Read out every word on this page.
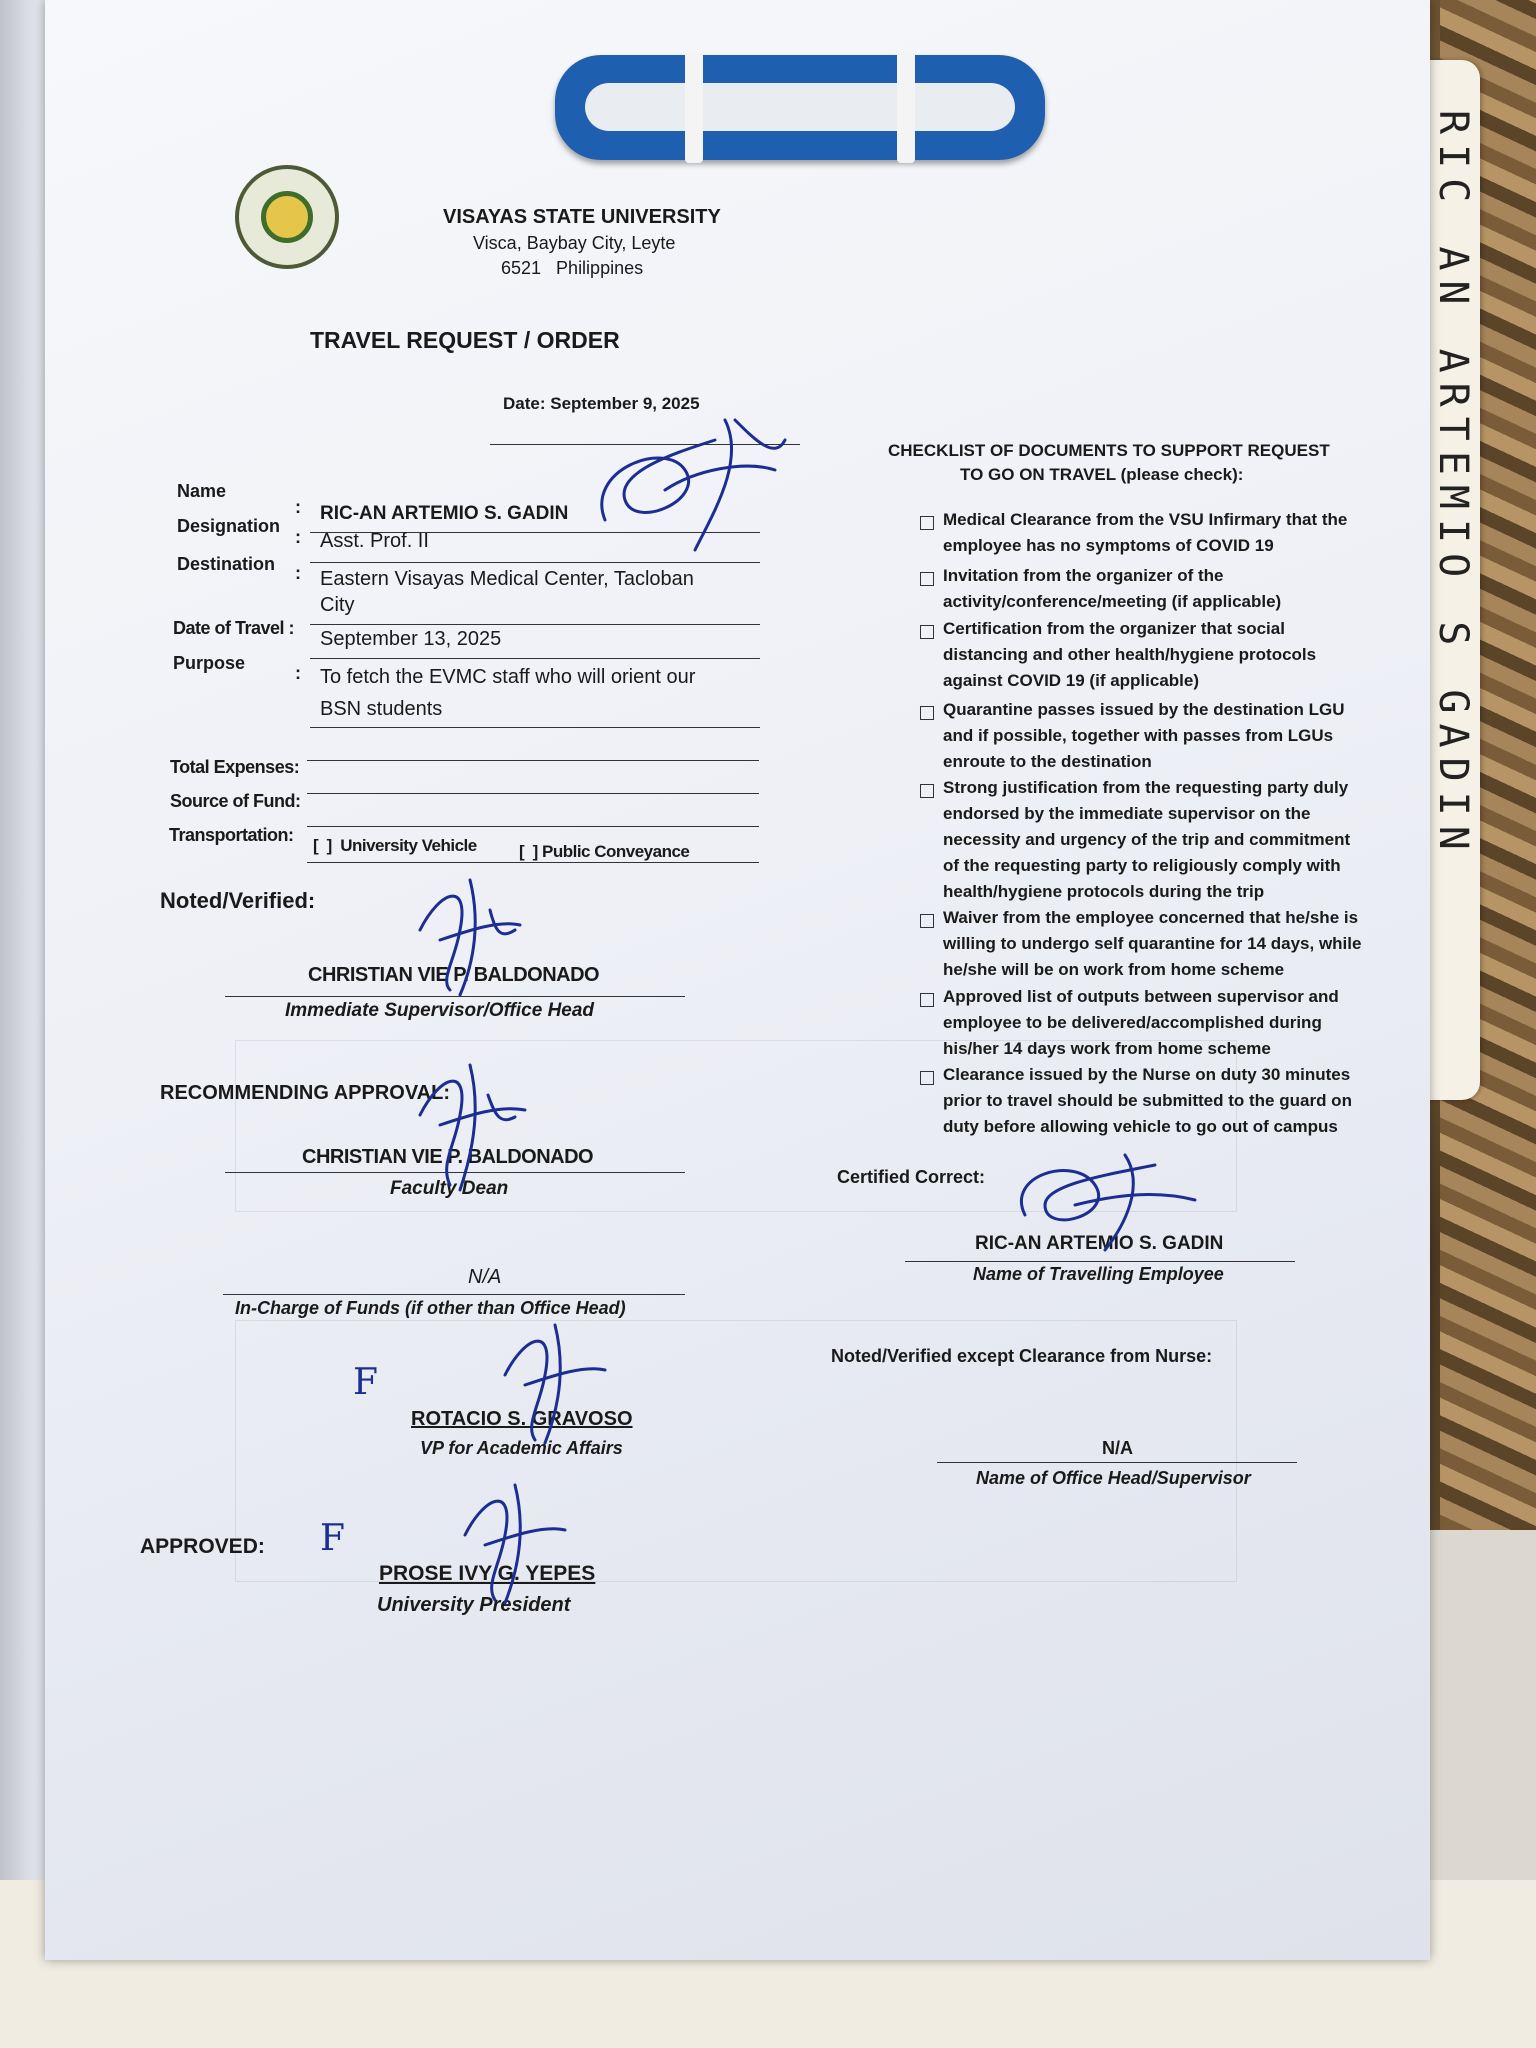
RIC AN ARTEMIO S GADIN
VISAYAS STATE UNIVERSITY
Visca, Baybay City, Leyte
6521   Philippines
TRAVEL REQUEST / ORDER
Date: September 9, 2025
Name
: RIC-AN ARTEMIO S. GADIN
Designation
: Asst. Prof. II
Destination : Eastern Visayas Medical Center, Tacloban
City
Date of Travel : September 13, 2025
Purpose	: To fetch the EVMC staff who will orient our
BSN students
Total Expenses:
Source of Fund:
Transportation:
[  ]  University Vehicle [  ] Public Conveyance
Noted/Verified:
CHRISTIAN VIE P. BALDONADO
Immediate Supervisor/Office Head
RECOMMENDING APPROVAL:
CHRISTIAN VIE P. BALDONADO
Faculty Dean
N/A
In-Charge of Funds (if other than Office Head)
F
ROTACIO S. GRAVOSO
VP for Academic Affairs
APPROVED: F
PROSE IVY G. YEPES
University President
CHECKLIST OF DOCUMENTS TO SUPPORT REQUEST
TO GO ON TRAVEL (please check):
Medical Clearance from the VSU Infirmary that the
employee has no symptoms of COVID 19
Invitation from the organizer of the
activity/conference/meeting (if applicable)
Certification from the organizer that social
distancing and other health/hygiene protocols
against COVID 19 (if applicable)
Quarantine passes issued by the destination LGU
and if possible, together with passes from LGUs
enroute to the destination
Strong justification from the requesting party duly
endorsed by the immediate supervisor on the
necessity and urgency of the trip and commitment
of the requesting party to religiously comply with
health/hygiene protocols during the trip
Waiver from the employee concerned that he/she is
willing to undergo self quarantine for 14 days, while
he/she will be on work from home scheme
Approved list of outputs between supervisor and
employee to be delivered/accomplished during
his/her 14 days work from home scheme
Clearance issued by the Nurse on duty 30 minutes
prior to travel should be submitted to the guard on
duty before allowing vehicle to go out of campus
Certified Correct:
RIC-AN ARTEMIO S. GADIN
Name of Travelling Employee
Noted/Verified except Clearance from Nurse:
N/A
Name of Office Head/Supervisor
